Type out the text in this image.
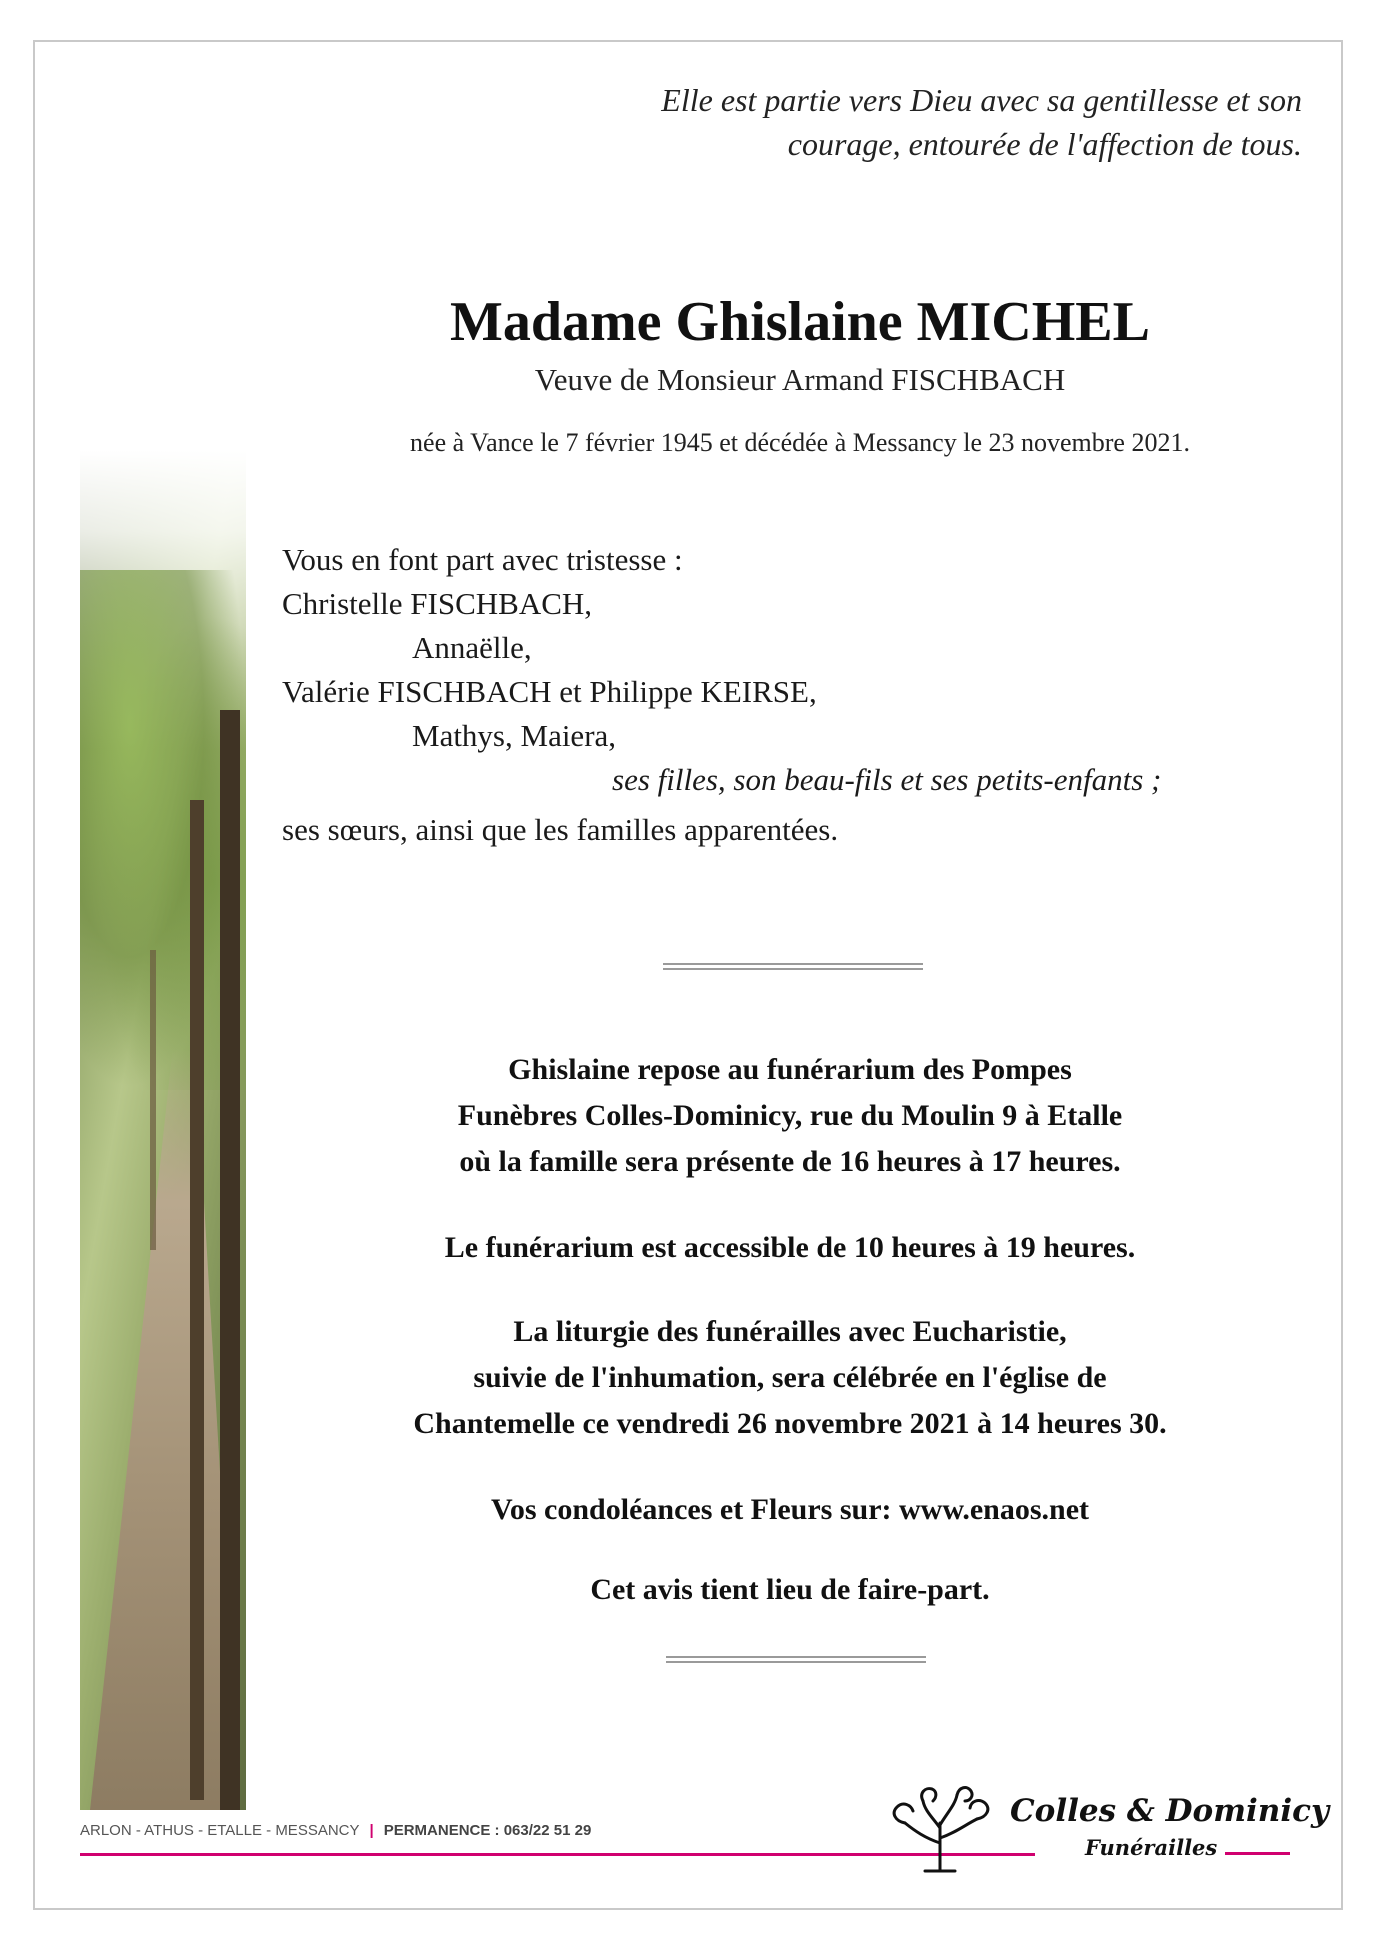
Elle est partie vers Dieu avec sa gentillesse et son
courage, entourée de l'affection de tous.
Madame Ghislaine MICHEL
Veuve de Monsieur Armand FISCHBACH
née à Vance le 7 février 1945 et décédée à Messancy le 23 novembre 2021.
Vous en font part avec tristesse :
Christelle FISCHBACH,
Annaëlle,
Valérie FISCHBACH et Philippe KEIRSE,
Mathys, Maiera,
ses filles, son beau-fils et ses petits-enfants ;
ses sœurs, ainsi que les familles apparentées.
Ghislaine repose au funérarium des Pompes
Funèbres Colles-Dominicy, rue du Moulin 9 à Etalle
où la famille sera présente de 16 heures à 17 heures.
Le funérarium est accessible de 10 heures à 19 heures.
La liturgie des funérailles avec Eucharistie,
suivie de l'inhumation, sera célébrée en l'église de
Chantemelle ce vendredi 26 novembre 2021 à 14 heures 30.
Vos condoléances et Fleurs sur: www.enaos.net
Cet avis tient lieu de faire-part.
ARLON - ATHUS - ETALLE - MESSANCY | PERMANENCE : 063/22 51 29
Colles & Dominicy
Funérailles
